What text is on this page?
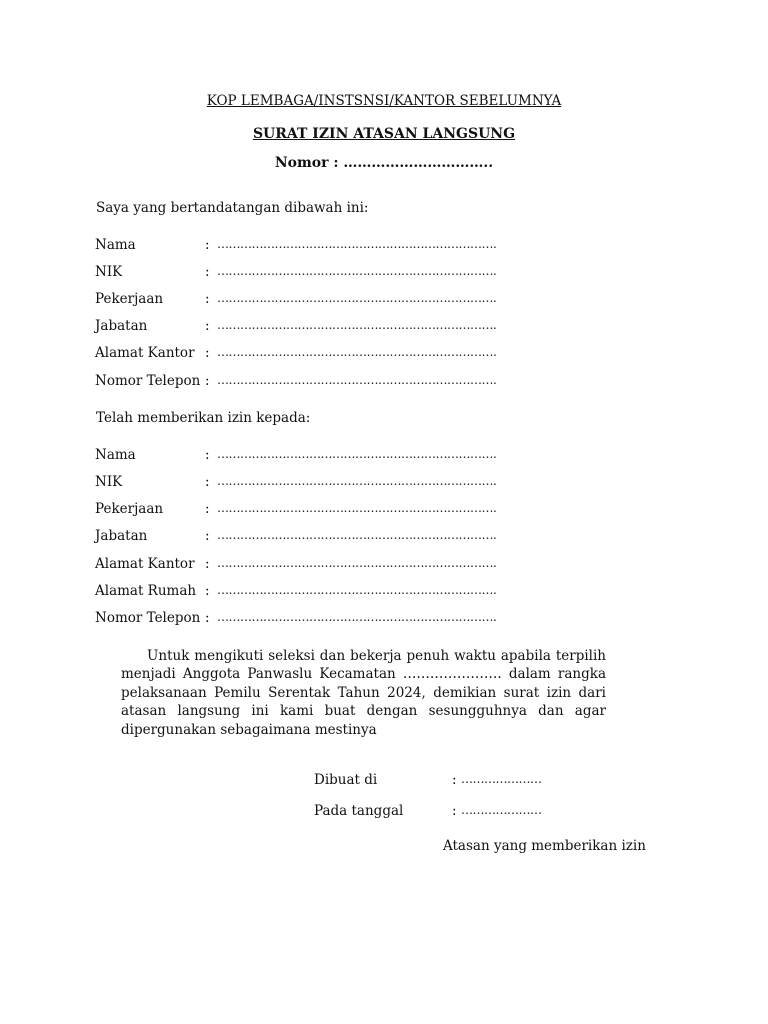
KOP LEMBAGA/INSTSNSI/KANTOR SEBELUMNYA
SURAT IZIN ATASAN LANGSUNG
Nomor : …………………………..
Saya yang bertandatangan dibawah ini:
Nama	: ……………………………………………………………….
NIK	: ……………………………………………………………….
Pekerjaan	: ……………………………………………………………….
Jabatan	: ……………………………………………………………….
Alamat Kantor : ……………………………………………………………….
Nomor Telepon : ……………………………………………………………….
Telah memberikan izin kepada:
Nama	: ……………………………………………………………….
NIK	: ……………………………………………………………….
Pekerjaan	: ……………………………………………………………….
Jabatan	: ……………………………………………………………….
Alamat Kantor : ……………………………………………………………….
Alamat Rumah : ……………………………………………………………….
Nomor Telepon : ……………………………………………………………….
Untuk mengikuti seleksi dan bekerja penuh waktu apabila terpilih menjadi Anggota Panwaslu Kecamatan …………………. dalam rangka pelaksanaan Pemilu Serentak Tahun 2024, demikian surat izin dari atasan langsung ini kami buat dengan sesungguhnya dan agar dipergunakan sebagaimana mestinya
Dibuat di	: …………………
Pada tanggal	: …………………
Atasan yang memberikan izin
